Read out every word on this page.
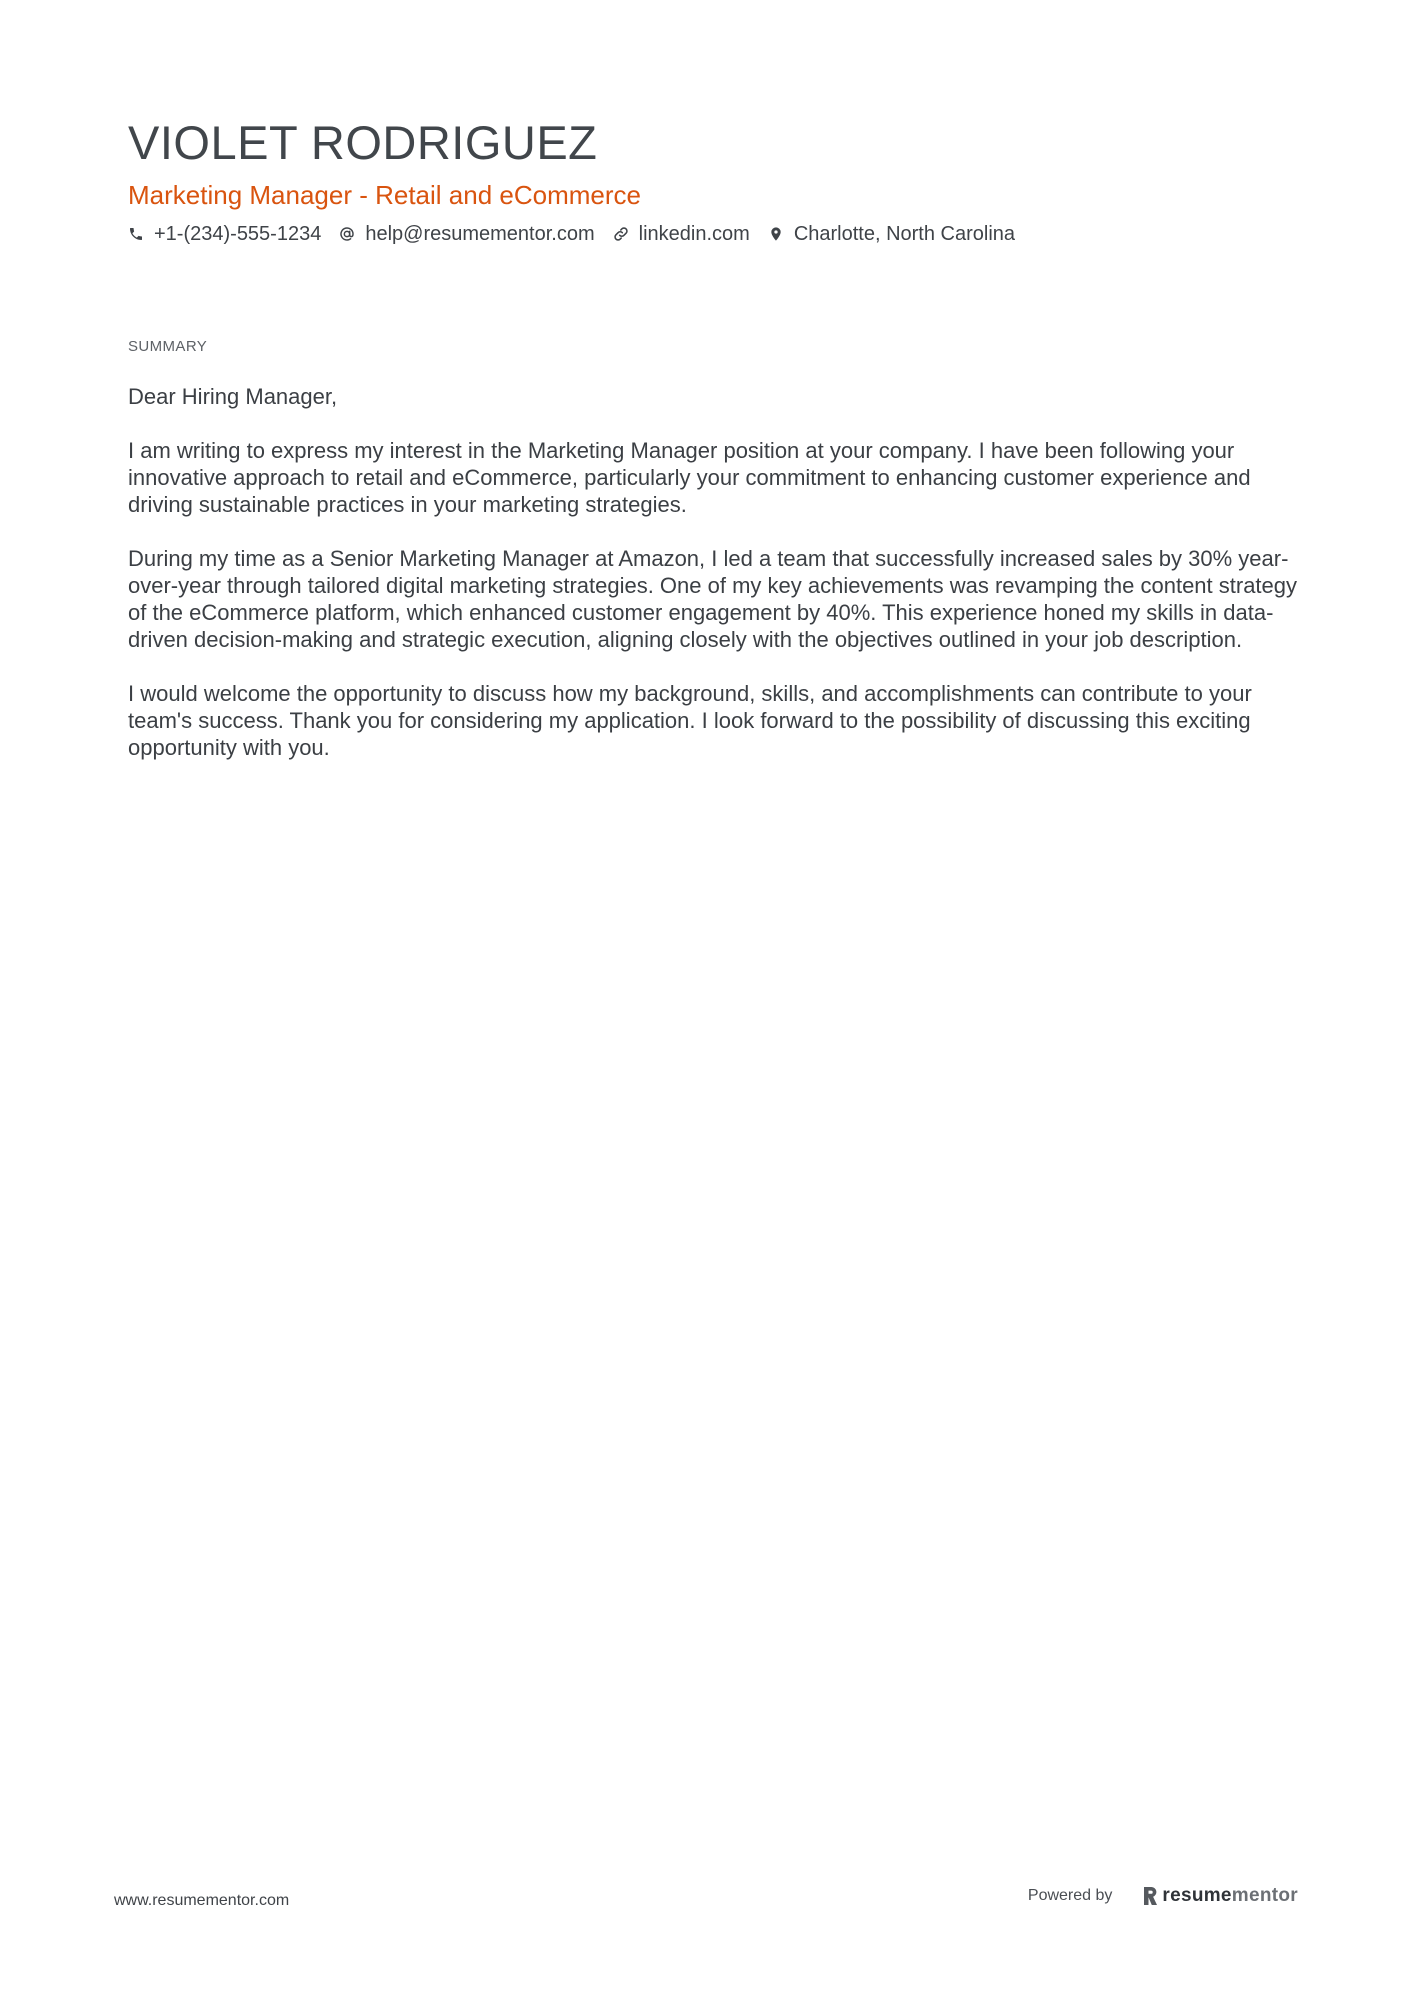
VIOLET RODRIGUEZ
Marketing Manager - Retail and eCommerce
+1-(234)-555-1234 help@resumementor.com linkedin.com Charlotte, North Carolina
SUMMARY

Dear Hiring Manager,

I am writing to express my interest in the Marketing Manager position at your company. I have been following your innovative approach to retail and eCommerce, particularly your commitment to enhancing customer experience and driving sustainable practices in your marketing strategies.

During my time as a Senior Marketing Manager at Amazon, I led a team that successfully increased sales by 30% year-over-year through tailored digital marketing strategies. One of my key achievements was revamping the content strategy of the eCommerce platform, which enhanced customer engagement by 40%. This experience honed my skills in data-driven decision-making and strategic execution, aligning closely with the objectives outlined in your job description.

I would welcome the opportunity to discuss how my background, skills, and accomplishments can contribute to your team's success. Thank you for considering my application. I look forward to the possibility of discussing this exciting opportunity with you.

www.resumementor.com	Powered by	resume mentor
